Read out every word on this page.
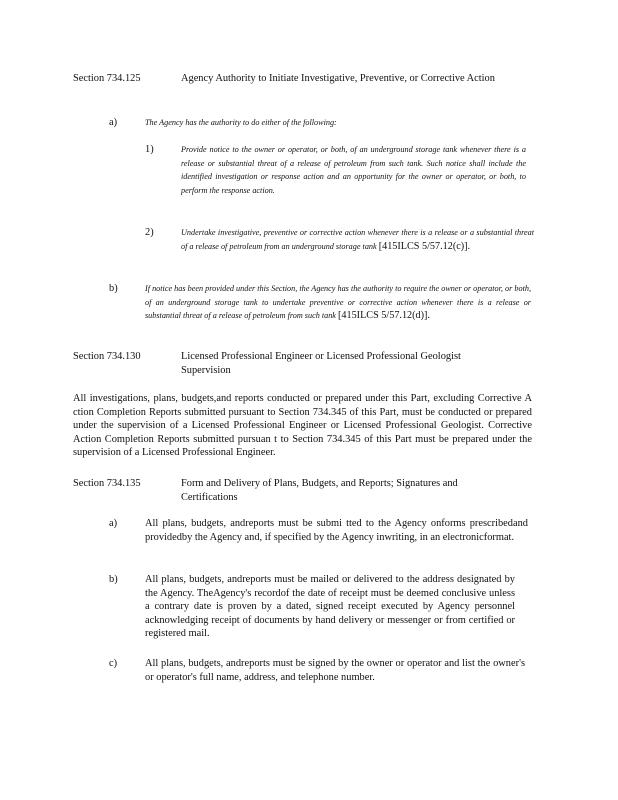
Section 734.125	Agency Authority to Initiate Investigative, Preventive, or Corrective Action
a)	The Agency has the authority to do either of the following:
1)	Provide notice to the owner or operator, or both, of an underground storage tank whenever there is a release or substantial threat of a release of petroleum from such tank. Such notice shall include the identified investigation or response action and an opportunity for the owner or operator, or both, to perform the response action.
2)	Undertake investigative, preventive or corrective action whenever there is a release or a substantial threat of a release of petroleum from an underground storage tank [415ILCS 5/57.12(c)].
b)	If notice has been provided under this Section, the Agency has the authority to require the owner or operator, or both, of an underground storage tank to undertake preventive or corrective action whenever there is a release or substantial threat of a release of petroleum from such tank [415ILCS 5/57.12(d)].
Section 734.130	Licensed Professional Engineer or Licensed Professional Geologist Supervision
All investigations, plans, budgets,and reports conducted or prepared under this Part, excluding Corrective A ction Completion Reports submitted pursuant to Section 734.345 of this Part, must be conducted or prepared under the supervision of a Licensed Professional Engineer or Licensed Professional Geologist. Corrective Action Completion Reports submitted pursuan t to Section 734.345 of this Part must be prepared under the supervision of a Licensed Professional Engineer.
Section 734.135	Form and Delivery of Plans, Budgets, and Reports; Signatures and Certifications
a)	All plans, budgets, andreports must be submi tted to the Agency onforms prescribedand providedby the Agency and, if specified by the Agency inwriting, in an electronicformat.
b)	All plans, budgets, andreports must be mailed or delivered to the address designated by the Agency. TheAgency's recordof the date of receipt must be deemed conclusive unless a contrary date is proven by a dated, signed receipt executed by Agency personnel acknowledging receipt of documents by hand delivery or messenger or from certified or registered mail.
c)	All plans, budgets, andreports must be signed by the owner or operator and list the owner's or operator's full name, address, and telephone number.
